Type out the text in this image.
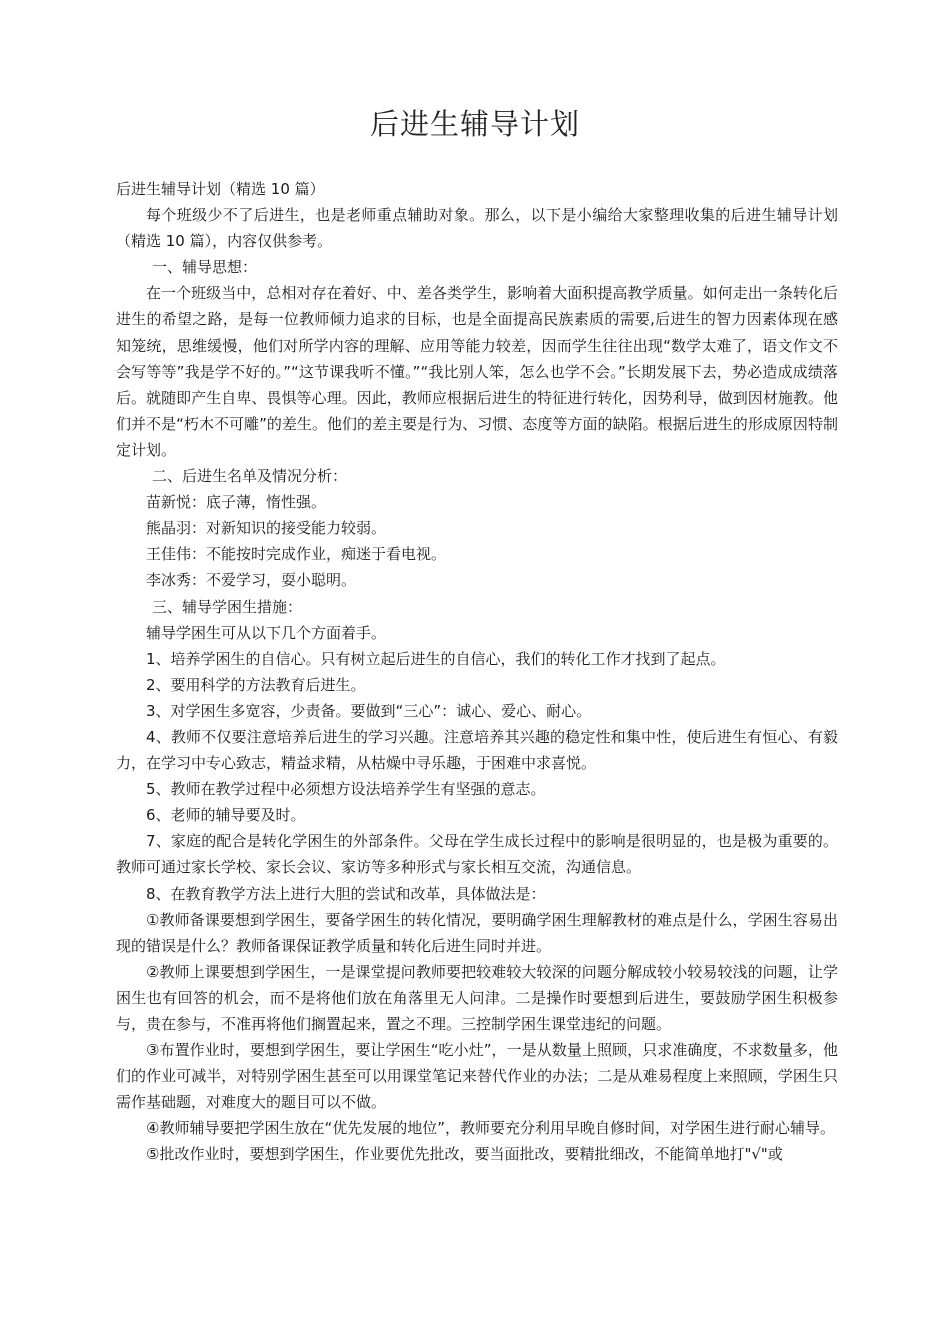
后进生辅导计划

后进生辅导计划（精选 10 篇）

每个班级少不了后进生，也是老师重点辅助对象。那么，以下是小编给大家整理收集的后进生辅导计划（精选 10 篇），内容仅供参考。

一、辅导思想：

在一个班级当中，总相对存在着好、中、差各类学生，影响着大面积提高教学质量。如何走出一条转化后进生的希望之路，是每一位教师倾力追求的目标，也是全面提高民族素质的需要,后进生的智力因素体现在感知笼统，思维缓慢，他们对所学内容的理解、应用等能力较差，因而学生往往出现“数学太难了，语文作文不会写等等”我是学不好的。”“这节课我听不懂。”“我比别人笨，怎么也学不会。”长期发展下去，势必造成成绩落后。就随即产生自卑、畏惧等心理。因此，教师应根据后进生的特征进行转化，因势利导，做到因材施教。他们并不是“朽木不可雕”的差生。他们的差主要是行为、习惯、态度等方面的缺陷。根据后进生的形成原因特制定计划。

二、后进生名单及情况分析：

苗新悦：底子薄，惰性强。

熊晶羽：对新知识的接受能力较弱。

王佳伟：不能按时完成作业，痴迷于看电视。

李冰秀：不爱学习，耍小聪明。

三、辅导学困生措施：

辅导学困生可从以下几个方面着手。

1、培养学困生的自信心。只有树立起后进生的自信心，我们的转化工作才找到了起点。

2、要用科学的方法教育后进生。

3、对学困生多宽容，少责备。要做到“三心”：诚心、爱心、耐心。

4、教师不仅要注意培养后进生的学习兴趣。注意培养其兴趣的稳定性和集中性，使后进生有恒心、有毅力，在学习中专心致志，精益求精，从枯燥中寻乐趣，于困难中求喜悦。

5、教师在教学过程中必须想方设法培养学生有坚强的意志。

6、老师的辅导要及时。

7、家庭的配合是转化学困生的外部条件。父母在学生成长过程中的影响是很明显的，也是极为重要的。教师可通过家长学校、家长会议、家访等多种形式与家长相互交流，沟通信息。

8、在教育教学方法上进行大胆的尝试和改革，具体做法是：

①教师备课要想到学困生，要备学困生的转化情况，要明确学困生理解教材的难点是什么，学困生容易出现的错误是什么？教师备课保证教学质量和转化后进生同时并进。

②教师上课要想到学困生，一是课堂提问教师要把较难较大较深的问题分解成较小较易较浅的问题，让学困生也有回答的机会，而不是将他们放在角落里无人问津。二是操作时要想到后进生，要鼓励学困生积极参与，贵在参与，不准再将他们搁置起来，置之不理。三控制学困生课堂违纪的问题。

③布置作业时，要想到学困生，要让学困生“吃小灶”，一是从数量上照顾，只求准确度，不求数量多，他们的作业可减半，对特别学困生甚至可以用课堂笔记来替代作业的办法；二是从难易程度上来照顾，学困生只需作基础题，对难度大的题目可以不做。

④教师辅导要把学困生放在“优先发展的地位”，教师要充分利用早晚自修时间，对学困生进行耐心辅导。

⑤批改作业时，要想到学困生，作业要优先批改，要当面批改，要精批细改，不能简单地打"√"或
